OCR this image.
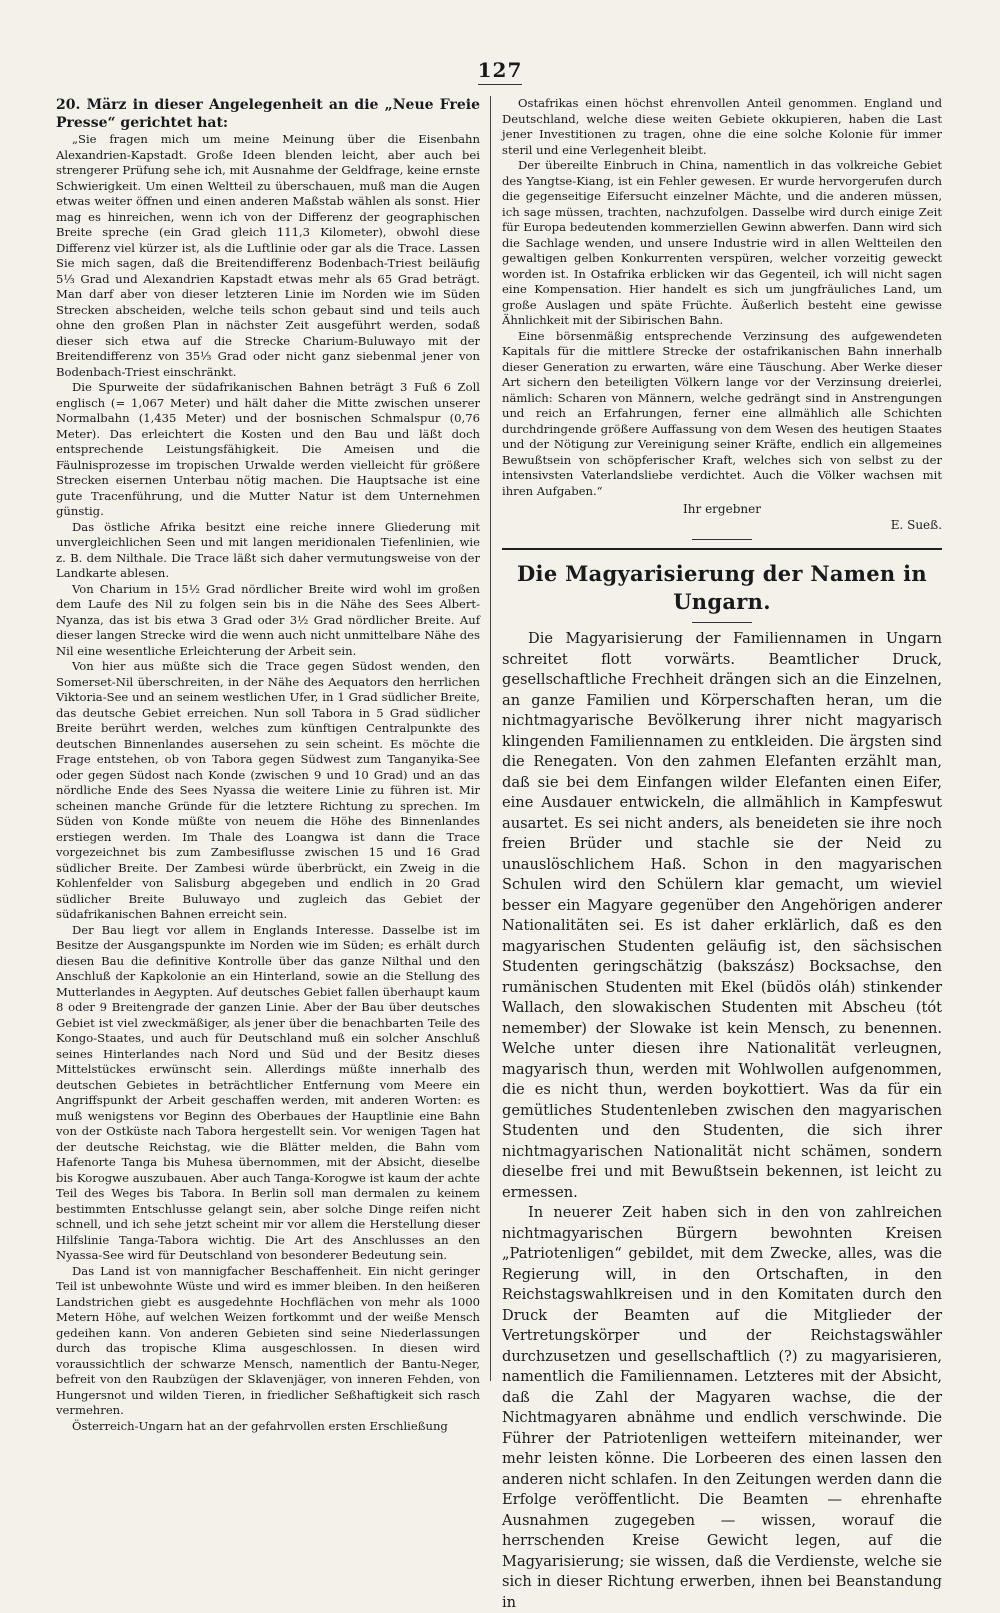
127

20. März in dieser Angelegenheit an die „Neue Freie Presse“ gerichtet hat:

„Sie fragen mich um meine Meinung über die Eisenbahn Alexandrien-Kapstadt. Große Ideen blenden leicht, aber auch bei strengerer Prüfung sehe ich, mit Ausnahme der Geldfrage, keine ernste Schwierigkeit. Um einen Weltteil zu überschauen, muß man die Augen etwas weiter öffnen und einen anderen Maßstab wählen als sonst. Hier mag es hinreichen, wenn ich von der Differenz der geographischen Breite spreche (ein Grad gleich 111,3 Kilometer), obwohl diese Differenz viel kürzer ist, als die Luftlinie oder gar als die Trace. Lassen Sie mich sagen, daß die Breitendifferenz Bodenbach-Triest beiläufig 5⅓ Grad und Alexandrien Kapstadt etwas mehr als 65 Grad beträgt. Man darf aber von dieser letzteren Linie im Norden wie im Süden Strecken abscheiden, welche teils schon gebaut sind und teils auch ohne den großen Plan in nächster Zeit ausgeführt werden, sodaß dieser sich etwa auf die Strecke Charium-Buluwayo mit der Breitendifferenz von 35⅓ Grad oder nicht ganz siebenmal jener von Bodenbach-Triest einschränkt.

Die Spurweite der südafrikanischen Bahnen beträgt 3 Fuß 6 Zoll englisch (= 1,067 Meter) und hält daher die Mitte zwischen unserer Normalbahn (1,435 Meter) und der bosnischen Schmalspur (0,76 Meter). Das erleichtert die Kosten und den Bau und läßt doch entsprechende Leistungsfähigkeit. Die Ameisen und die Fäulnisprozesse im tropischen Urwalde werden vielleicht für größere Strecken eisernen Unterbau nötig machen. Die Hauptsache ist eine gute Tracenführung, und die Mutter Natur ist dem Unternehmen günstig.

Das östliche Afrika besitzt eine reiche innere Gliederung mit unvergleichlichen Seen und mit langen meridionalen Tiefenlinien, wie z. B. dem Nilthale. Die Trace läßt sich daher vermutungsweise von der Landkarte ablesen.

Von Charium in 15½ Grad nördlicher Breite wird wohl im großen dem Laufe des Nil zu folgen sein bis in die Nähe des Sees Albert-Nyanza, das ist bis etwa 3 Grad oder 3½ Grad nördlicher Breite. Auf dieser langen Strecke wird die wenn auch nicht unmittelbare Nähe des Nil eine wesentliche Erleichterung der Arbeit sein.

Von hier aus müßte sich die Trace gegen Südost wenden, den Somerset-Nil überschreiten, in der Nähe des Aequators den herrlichen Viktoria-See und an seinem westlichen Ufer, in 1 Grad südlicher Breite, das deutsche Gebiet erreichen. Nun soll Tabora in 5 Grad südlicher Breite berührt werden, welches zum künftigen Centralpunkte des deutschen Binnenlandes ausersehen zu sein scheint. Es möchte die Frage entstehen, ob von Tabora gegen Südwest zum Tanganyika-See oder gegen Südost nach Konde (zwischen 9 und 10 Grad) und an das nördliche Ende des Sees Nyassa die weitere Linie zu führen ist. Mir scheinen manche Gründe für die letztere Richtung zu sprechen. Im Süden von Konde müßte von neuem die Höhe des Binnenlandes erstiegen werden. Im Thale des Loangwa ist dann die Trace vorgezeichnet bis zum Zambesiflusse zwischen 15 und 16 Grad südlicher Breite. Der Zambesi würde überbrückt, ein Zweig in die Kohlenfelder von Salisburg abgegeben und endlich in 20 Grad südlicher Breite Buluwayo und zugleich das Gebiet der südafrikanischen Bahnen erreicht sein.

Der Bau liegt vor allem in Englands Interesse. Dasselbe ist im Besitze der Ausgangspunkte im Norden wie im Süden; es erhält durch diesen Bau die definitive Kontrolle über das ganze Nilthal und den Anschluß der Kapkolonie an ein Hinterland, sowie an die Stellung des Mutterlandes in Aegypten. Auf deutsches Gebiet fallen überhaupt kaum 8 oder 9 Breitengrade der ganzen Linie. Aber der Bau über deutsches Gebiet ist viel zweckmäßiger, als jener über die benachbarten Teile des Kongo-Staates, und auch für Deutschland muß ein solcher Anschluß seines Hinterlandes nach Nord und Süd und der Besitz dieses Mittelstückes erwünscht sein. Allerdings müßte innerhalb des deutschen Gebietes in beträchtlicher Entfernung vom Meere ein Angriffspunkt der Arbeit geschaffen werden, mit anderen Worten: es muß wenigstens vor Beginn des Oberbaues der Hauptlinie eine Bahn von der Ostküste nach Tabora hergestellt sein. Vor wenigen Tagen hat der deutsche Reichstag, wie die Blätter melden, die Bahn vom Hafenorte Tanga bis Muhesa übernommen, mit der Absicht, dieselbe bis Korogwe auszubauen. Aber auch Tanga-Korogwe ist kaum der achte Teil des Weges bis Tabora. In Berlin soll man dermalen zu keinem bestimmten Entschlusse gelangt sein, aber solche Dinge reifen nicht schnell, und ich sehe jetzt scheint mir vor allem die Herstellung dieser Hilfslinie Tanga-Tabora wichtig. Die Art des Anschlusses an den Nyassa-See wird für Deutschland von besonderer Bedeutung sein.

Das Land ist von mannigfacher Beschaffenheit. Ein nicht geringer Teil ist unbewohnte Wüste und wird es immer bleiben. In den heißeren Landstrichen giebt es ausgedehnte Hochflächen von mehr als 1000 Metern Höhe, auf welchen Weizen fortkommt und der weiße Mensch gedeihen kann. Von anderen Gebieten sind seine Niederlassungen durch das tropische Klima ausgeschlossen. In diesen wird voraussichtlich der schwarze Mensch, namentlich der Bantu-Neger, befreit von den Raubzügen der Sklavenjäger, von inneren Fehden, von Hungersnot und wilden Tieren, in friedlicher Seßhaftigkeit sich rasch vermehren.

Österreich-Ungarn hat an der gefahrvollen ersten Erschließung

Ostafrikas einen höchst ehrenvollen Anteil genommen. England und Deutschland, welche diese weiten Gebiete okkupieren, haben die Last jener Investitionen zu tragen, ohne die eine solche Kolonie für immer steril und eine Verlegenheit bleibt.

Der übereilte Einbruch in China, namentlich in das volkreiche Gebiet des Yangtse-Kiang, ist ein Fehler gewesen. Er wurde hervorgerufen durch die gegenseitige Eifersucht einzelner Mächte, und die anderen müssen, ich sage müssen, trachten, nachzufolgen. Dasselbe wird durch einige Zeit für Europa bedeutenden kommerziellen Gewinn abwerfen. Dann wird sich die Sachlage wenden, und unsere Industrie wird in allen Weltteilen den gewaltigen gelben Konkurrenten verspüren, welcher vorzeitig geweckt worden ist. In Ostafrika erblicken wir das Gegenteil, ich will nicht sagen eine Kompensation. Hier handelt es sich um jungfräuliches Land, um große Auslagen und späte Früchte. Äußerlich besteht eine gewisse Ähnlichkeit mit der Sibirischen Bahn.

Eine börsenmäßig entsprechende Verzinsung des aufgewendeten Kapitals für die mittlere Strecke der ostafrikanischen Bahn innerhalb dieser Generation zu erwarten, wäre eine Täuschung. Aber Werke dieser Art sichern den beteiligten Völkern lange vor der Verzinsung dreierlei, nämlich: Scharen von Männern, welche gedrängt sind in Anstrengungen und reich an Erfahrungen, ferner eine allmählich alle Schichten durchdringende größere Auffassung von dem Wesen des heutigen Staates und der Nötigung zur Vereinigung seiner Kräfte, endlich ein allgemeines Bewußtsein von schöpferischer Kraft, welches sich von selbst zu der intensivsten Vaterlandsliebe verdichtet. Auch die Völker wachsen mit ihren Aufgaben.“

Ihr ergebner
E. Sueß.
Die Magyarisierung der Namen in Ungarn.

Die Magyarisierung der Familiennamen in Ungarn schreitet flott vorwärts. Beamtlicher Druck, gesellschaftliche Frechheit drängen sich an die Einzelnen, an ganze Familien und Körperschaften heran, um die nichtmagyarische Bevölkerung ihrer nicht magyarisch klingenden Familiennamen zu entkleiden. Die ärgsten sind die Renegaten. Von den zahmen Elefanten erzählt man, daß sie bei dem Einfangen wilder Elefanten einen Eifer, eine Ausdauer entwickeln, die allmählich in Kampfeswut ausartet. Es sei nicht anders, als beneideten sie ihre noch freien Brüder und stachle sie der Neid zu unauslöschlichem Haß. Schon in den magyarischen Schulen wird den Schülern klar gemacht, um wieviel besser ein Magyare gegenüber den Angehörigen anderer Nationalitäten sei. Es ist daher erklärlich, daß es den magyarischen Studenten geläufig ist, den sächsischen Studenten geringschätzig (bakszász) Bocksachse, den rumänischen Studenten mit Ekel (büdös oláh) stinkender Wallach, den slowakischen Studenten mit Abscheu (tót nemember) der Slowake ist kein Mensch, zu benennen. Welche unter diesen ihre Nationalität verleugnen, magyarisch thun, werden mit Wohlwollen aufgenommen, die es nicht thun, werden boykottiert. Was da für ein gemütliches Studentenleben zwischen den magyarischen Studenten und den Studenten, die sich ihrer nichtmagyarischen Nationalität nicht schämen, sondern dieselbe frei und mit Bewußtsein bekennen, ist leicht zu ermessen.

In neuerer Zeit haben sich in den von zahlreichen nichtmagyarischen Bürgern bewohnten Kreisen „Patriotenligen“ gebildet, mit dem Zwecke, alles, was die Regierung will, in den Ortschaften, in den Reichstagswahlkreisen und in den Komitaten durch den Druck der Beamten auf die Mitglieder der Vertretungskörper und der Reichstagswähler durchzusetzen und gesellschaftlich (?) zu magyarisieren, namentlich die Familiennamen. Letzteres mit der Absicht, daß die Zahl der Magyaren wachse, die der Nichtmagyaren abnähme und endlich verschwinde. Die Führer der Patriotenligen wetteifern miteinander, wer mehr leisten könne. Die Lorbeeren des einen lassen den anderen nicht schlafen. In den Zeitungen werden dann die Erfolge veröffentlicht. Die Beamten — ehrenhafte Ausnahmen zugegeben — wissen, worauf die herrschenden Kreise Gewicht legen, auf die Magyarisierung; sie wissen, daß die Verdienste, welche sie sich in dieser Richtung erwerben, ihnen bei Beanstandung in
